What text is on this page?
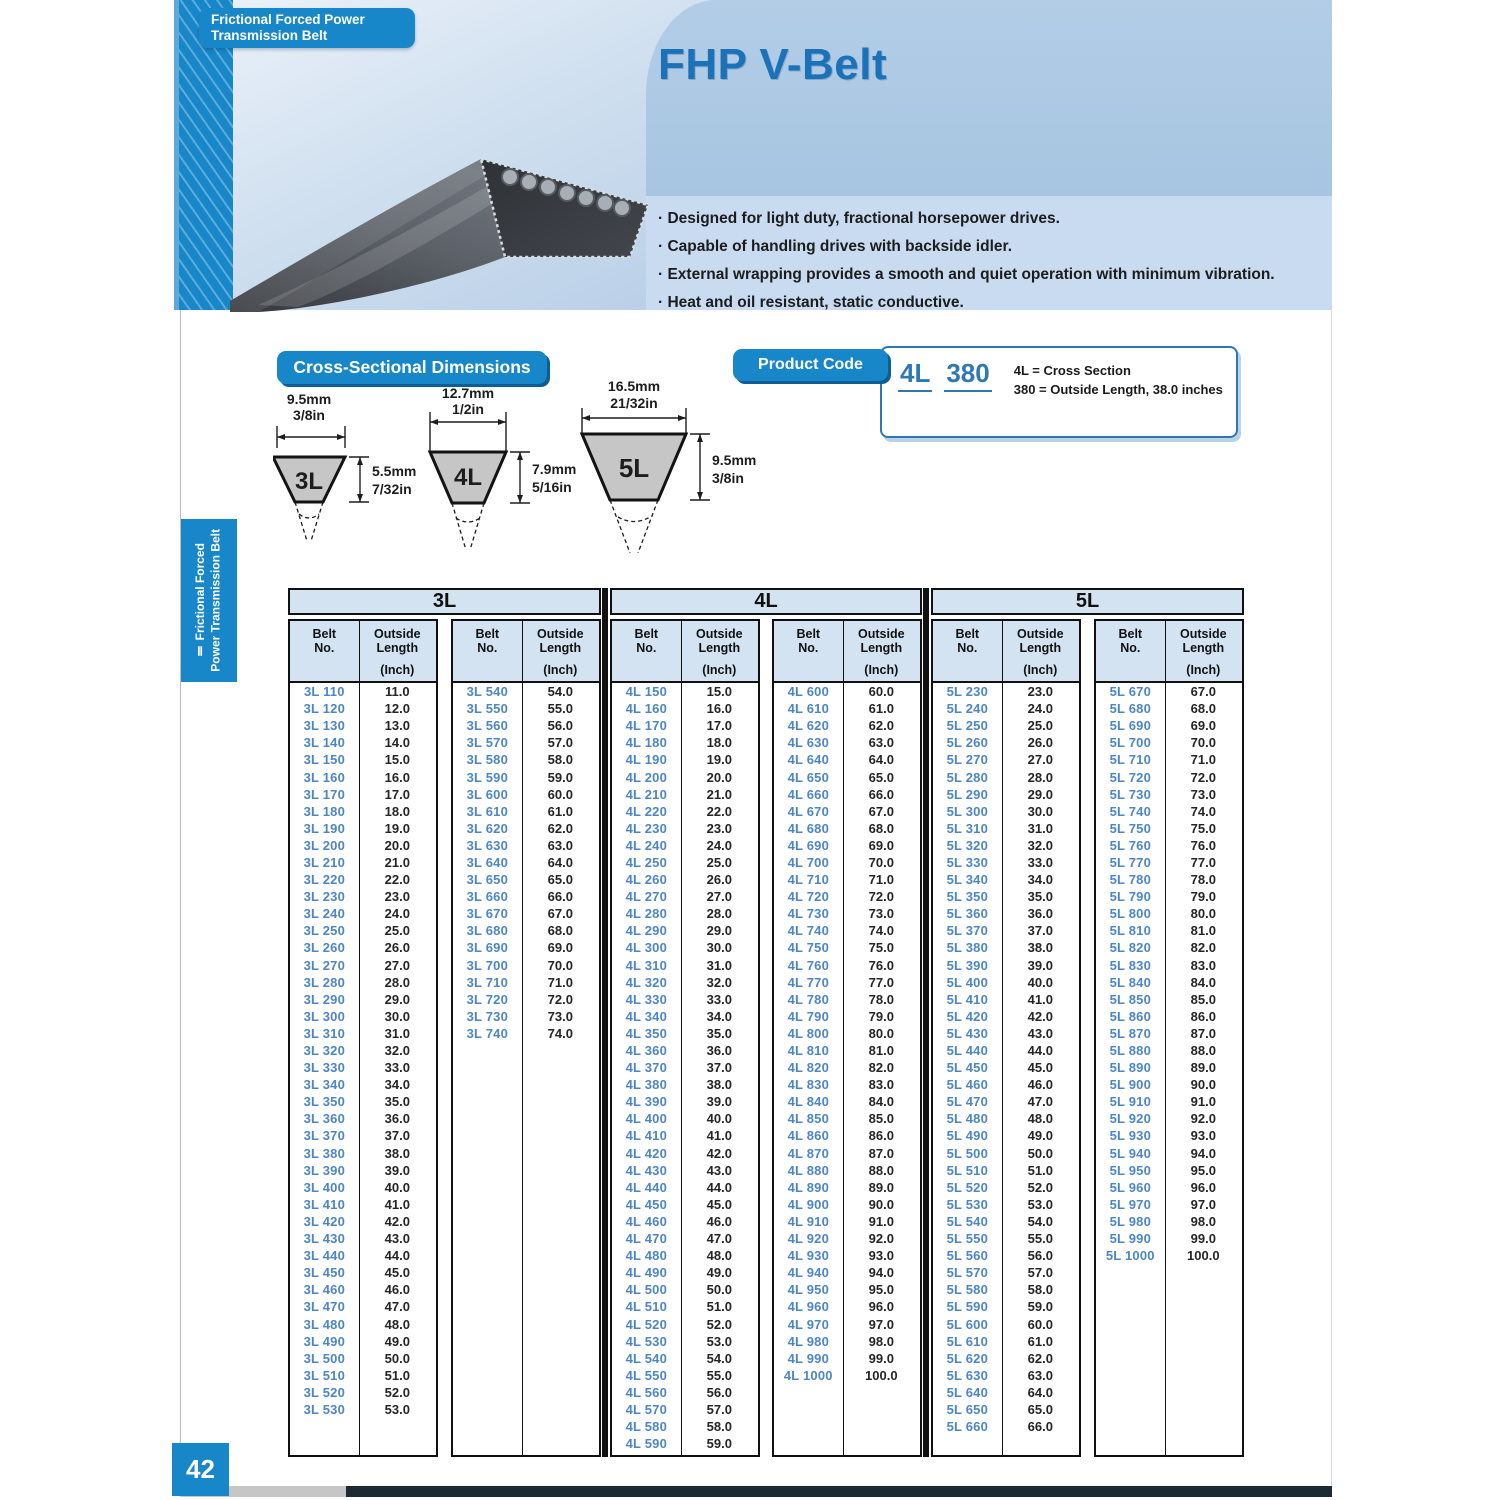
· Designed for light duty, fractional horsepower drives.
· Capable of handling drives with backside idler.
· External wrapping provides a smooth and quiet operation with minimum vibration.
· Heat and oil resistant, static conductive.
Frictional Forced Power
Transmission Belt
FHP V-Belt
Cross-Sectional Dimensions
9.5mm
3/8in
3L	5.5mm
7/32in
12.7mm
1/2in
4L	7.9mm
5/16in
16.5mm
21/32in
5L	9.5mm
3/8in
Product Code	4L 380 4L = Cross Section
380 = Outside Length, 38.0 inches
Ⅱ Frictional Forced Power Transmission Belt	3L
Belt
No.
Outside
Length
(Inch)
3L 110	11.0
3L 120	12.0
3L 130	13.0
3L 140	14.0
3L 150	15.0
3L 160	16.0
3L 170	17.0
3L 180	18.0
3L 190	19.0
3L 200	20.0
3L 210	21.0
3L 220	22.0
3L 230	23.0
3L 240	24.0
3L 250	25.0
3L 260	26.0
3L 270	27.0
3L 280	28.0
3L 290	29.0
3L 300	30.0
3L 310	31.0
3L 320	32.0
3L 330	33.0
3L 340	34.0
3L 350	35.0
3L 360	36.0
3L 370	37.0
3L 380	38.0
3L 390	39.0
3L 400	40.0
3L 410	41.0
3L 420	42.0
3L 430	43.0
3L 440	44.0
3L 450	45.0
3L 460	46.0
3L 470	47.0
3L 480	48.0
3L 490	49.0
3L 500	50.0
3L 510	51.0
3L 520	52.0
3L 530	53.0
Belt
No.
Outside
Length
(Inch)
3L 540	54.0
3L 550	55.0
3L 560	56.0
3L 570	57.0
3L 580	58.0
3L 590	59.0
3L 600	60.0
3L 610	61.0
3L 620	62.0
3L 630	63.0
3L 640	64.0
3L 650	65.0
3L 660	66.0
3L 670	67.0
3L 680	68.0
3L 690	69.0
3L 700	70.0
3L 710	71.0
3L 720	72.0
3L 730	73.0
3L 740	74.0
4L
Belt
No.
Outside
Length
(Inch)
4L 150	15.0
4L 160	16.0
4L 170	17.0
4L 180	18.0
4L 190	19.0
4L 200	20.0
4L 210	21.0
4L 220	22.0
4L 230	23.0
4L 240	24.0
4L 250	25.0
4L 260	26.0
4L 270	27.0
4L 280	28.0
4L 290	29.0
4L 300	30.0
4L 310	31.0
4L 320	32.0
4L 330	33.0
4L 340	34.0
4L 350	35.0
4L 360	36.0
4L 370	37.0
4L 380	38.0
4L 390	39.0
4L 400	40.0
4L 410	41.0
4L 420	42.0
4L 430	43.0
4L 440	44.0
4L 450	45.0
4L 460	46.0
4L 470	47.0
4L 480	48.0
4L 490	49.0
4L 500	50.0
4L 510	51.0
4L 520	52.0
4L 530	53.0
4L 540	54.0
4L 550	55.0
4L 560	56.0
4L 570	57.0
4L 580	58.0
4L 590	59.0
Belt
No.
Outside
Length
(Inch)
4L 600	60.0
4L 610	61.0
4L 620	62.0
4L 630	63.0
4L 640	64.0
4L 650	65.0
4L 660	66.0
4L 670	67.0
4L 680	68.0
4L 690	69.0
4L 700	70.0
4L 710	71.0
4L 720	72.0
4L 730	73.0
4L 740	74.0
4L 750	75.0
4L 760	76.0
4L 770	77.0
4L 780	78.0
4L 790	79.0
4L 800	80.0
4L 810	81.0
4L 820	82.0
4L 830	83.0
4L 840	84.0
4L 850	85.0
4L 860	86.0
4L 870	87.0
4L 880	88.0
4L 890	89.0
4L 900	90.0
4L 910	91.0
4L 920	92.0
4L 930	93.0
4L 940	94.0
4L 950	95.0
4L 960	96.0
4L 970	97.0
4L 980	98.0
4L 990	99.0
4L 1000	100.0
5L
Belt
No.
Outside
Length
(Inch)
5L 230	23.0
5L 240	24.0
5L 250	25.0
5L 260	26.0
5L 270	27.0
5L 280	28.0
5L 290	29.0
5L 300	30.0
5L 310	31.0
5L 320	32.0
5L 330	33.0
5L 340	34.0
5L 350	35.0
5L 360	36.0
5L 370	37.0
5L 380	38.0
5L 390	39.0
5L 400	40.0
5L 410	41.0
5L 420	42.0
5L 430	43.0
5L 440	44.0
5L 450	45.0
5L 460	46.0
5L 470	47.0
5L 480	48.0
5L 490	49.0
5L 500	50.0
5L 510	51.0
5L 520	52.0
5L 530	53.0
5L 540	54.0
5L 550	55.0
5L 560	56.0
5L 570	57.0
5L 580	58.0
5L 590	59.0
5L 600	60.0
5L 610	61.0
5L 620	62.0
5L 630	63.0
5L 640	64.0
5L 650	65.0
5L 660	66.0
Belt
No.
Outside
Length
(Inch)
5L 670	67.0
5L 680	68.0
5L 690	69.0
5L 700	70.0
5L 710	71.0
5L 720	72.0
5L 730	73.0
5L 740	74.0
5L 750	75.0
5L 760	76.0
5L 770	77.0
5L 780	78.0
5L 790	79.0
5L 800	80.0
5L 810	81.0
5L 820	82.0
5L 830	83.0
5L 840	84.0
5L 850	85.0
5L 860	86.0
5L 870	87.0
5L 880	88.0
5L 890	89.0
5L 900	90.0
5L 910	91.0
5L 920	92.0
5L 930	93.0
5L 940	94.0
5L 950	95.0
5L 960	96.0
5L 970	97.0
5L 980	98.0
5L 990	99.0
5L 1000	100.0
42
